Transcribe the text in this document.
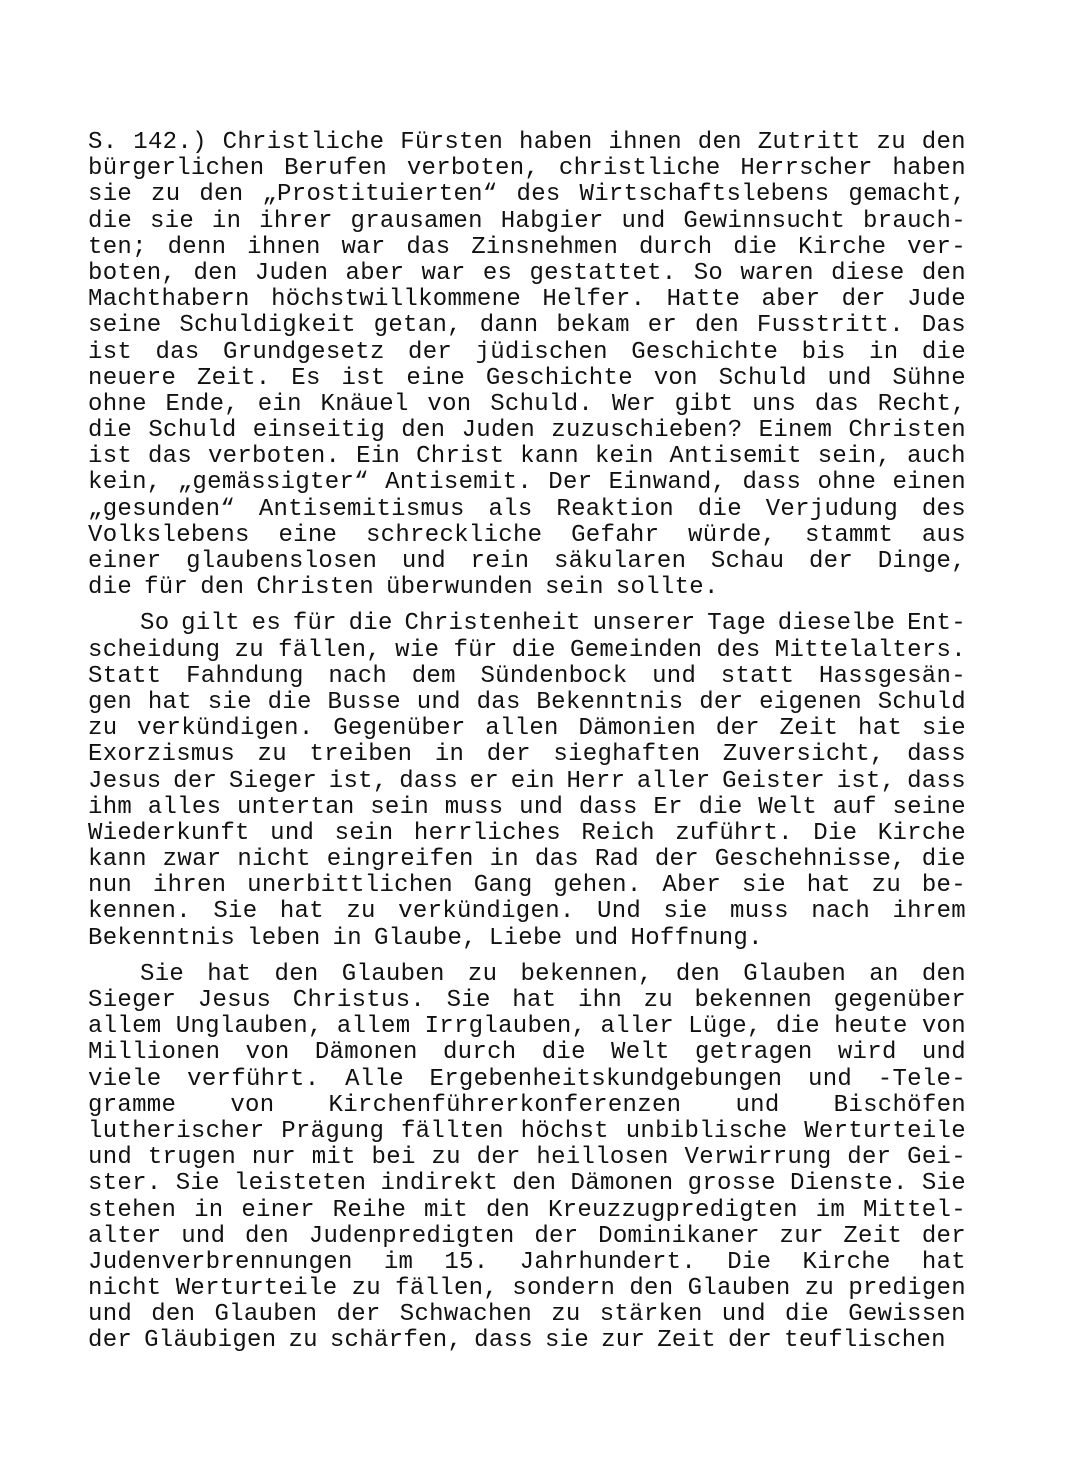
S. 142.) Christliche Fürsten haben ihnen den Zutritt zu den
bürgerlichen Berufen verboten, christliche Herrscher haben
sie zu den „Prostituierten“ des Wirtschaftslebens gemacht,
die sie in ihrer grausamen Habgier und Gewinnsucht brauch-
ten; denn ihnen war das Zinsnehmen durch die Kirche ver-
boten, den Juden aber war es gestattet. So waren diese den
Machthabern höchstwillkommene Helfer. Hatte aber der Jude
seine Schuldigkeit getan, dann bekam er den Fusstritt. Das
ist das Grundgesetz der jüdischen Geschichte bis in die
neuere Zeit. Es ist eine Geschichte von Schuld und Sühne
ohne Ende, ein Knäuel von Schuld. Wer gibt uns das Recht,
die Schuld einseitig den Juden zuzuschieben? Einem Christen
ist das verboten. Ein Christ kann kein Antisemit sein, auch
kein, „gemässigter“ Antisemit. Der Einwand, dass ohne einen
„gesunden“ Antisemitismus als Reaktion die Verjudung des
Volkslebens eine schreckliche Gefahr würde, stammt aus
einer glaubenslosen und rein säkularen Schau der Dinge,
die für den Christen überwunden sein sollte.
So gilt es für die Christenheit unserer Tage dieselbe Ent-
scheidung zu fällen, wie für die Gemeinden des Mittelalters.
Statt Fahndung nach dem Sündenbock und statt Hassgesän-
gen hat sie die Busse und das Bekenntnis der eigenen Schuld
zu verkündigen. Gegenüber allen Dämonien der Zeit hat sie
Exorzismus zu treiben in der sieghaften Zuversicht, dass
Jesus der Sieger ist, dass er ein Herr aller Geister ist, dass
ihm alles untertan sein muss und dass Er die Welt auf seine
Wiederkunft und sein herrliches Reich zuführt. Die Kirche
kann zwar nicht eingreifen in das Rad der Geschehnisse, die
nun ihren unerbittlichen Gang gehen. Aber sie hat zu be-
kennen. Sie hat zu verkündigen. Und sie muss nach ihrem
Bekenntnis leben in Glaube, Liebe und Hoffnung.
Sie hat den Glauben zu bekennen, den Glauben an den
Sieger Jesus Christus. Sie hat ihn zu bekennen gegenüber
allem Unglauben, allem Irrglauben, aller Lüge, die heute von
Millionen von Dämonen durch die Welt getragen wird und
viele verführt. Alle Ergebenheitskundgebungen und -Tele-
gramme von Kirchenführerkonferenzen und Bischöfen
lutherischer Prägung fällten höchst unbiblische Werturteile
und trugen nur mit bei zu der heillosen Verwirrung der Gei-
ster. Sie leisteten indirekt den Dämonen grosse Dienste. Sie
stehen in einer Reihe mit den Kreuzzugpredigten im Mittel-
alter und den Judenpredigten der Dominikaner zur Zeit der
Judenverbrennungen im 15. Jahrhundert. Die Kirche hat
nicht Werturteile zu fällen, sondern den Glauben zu predigen
und den Glauben der Schwachen zu stärken und die Gewissen
der Gläubigen zu schärfen, dass sie zur Zeit der teuflischen
